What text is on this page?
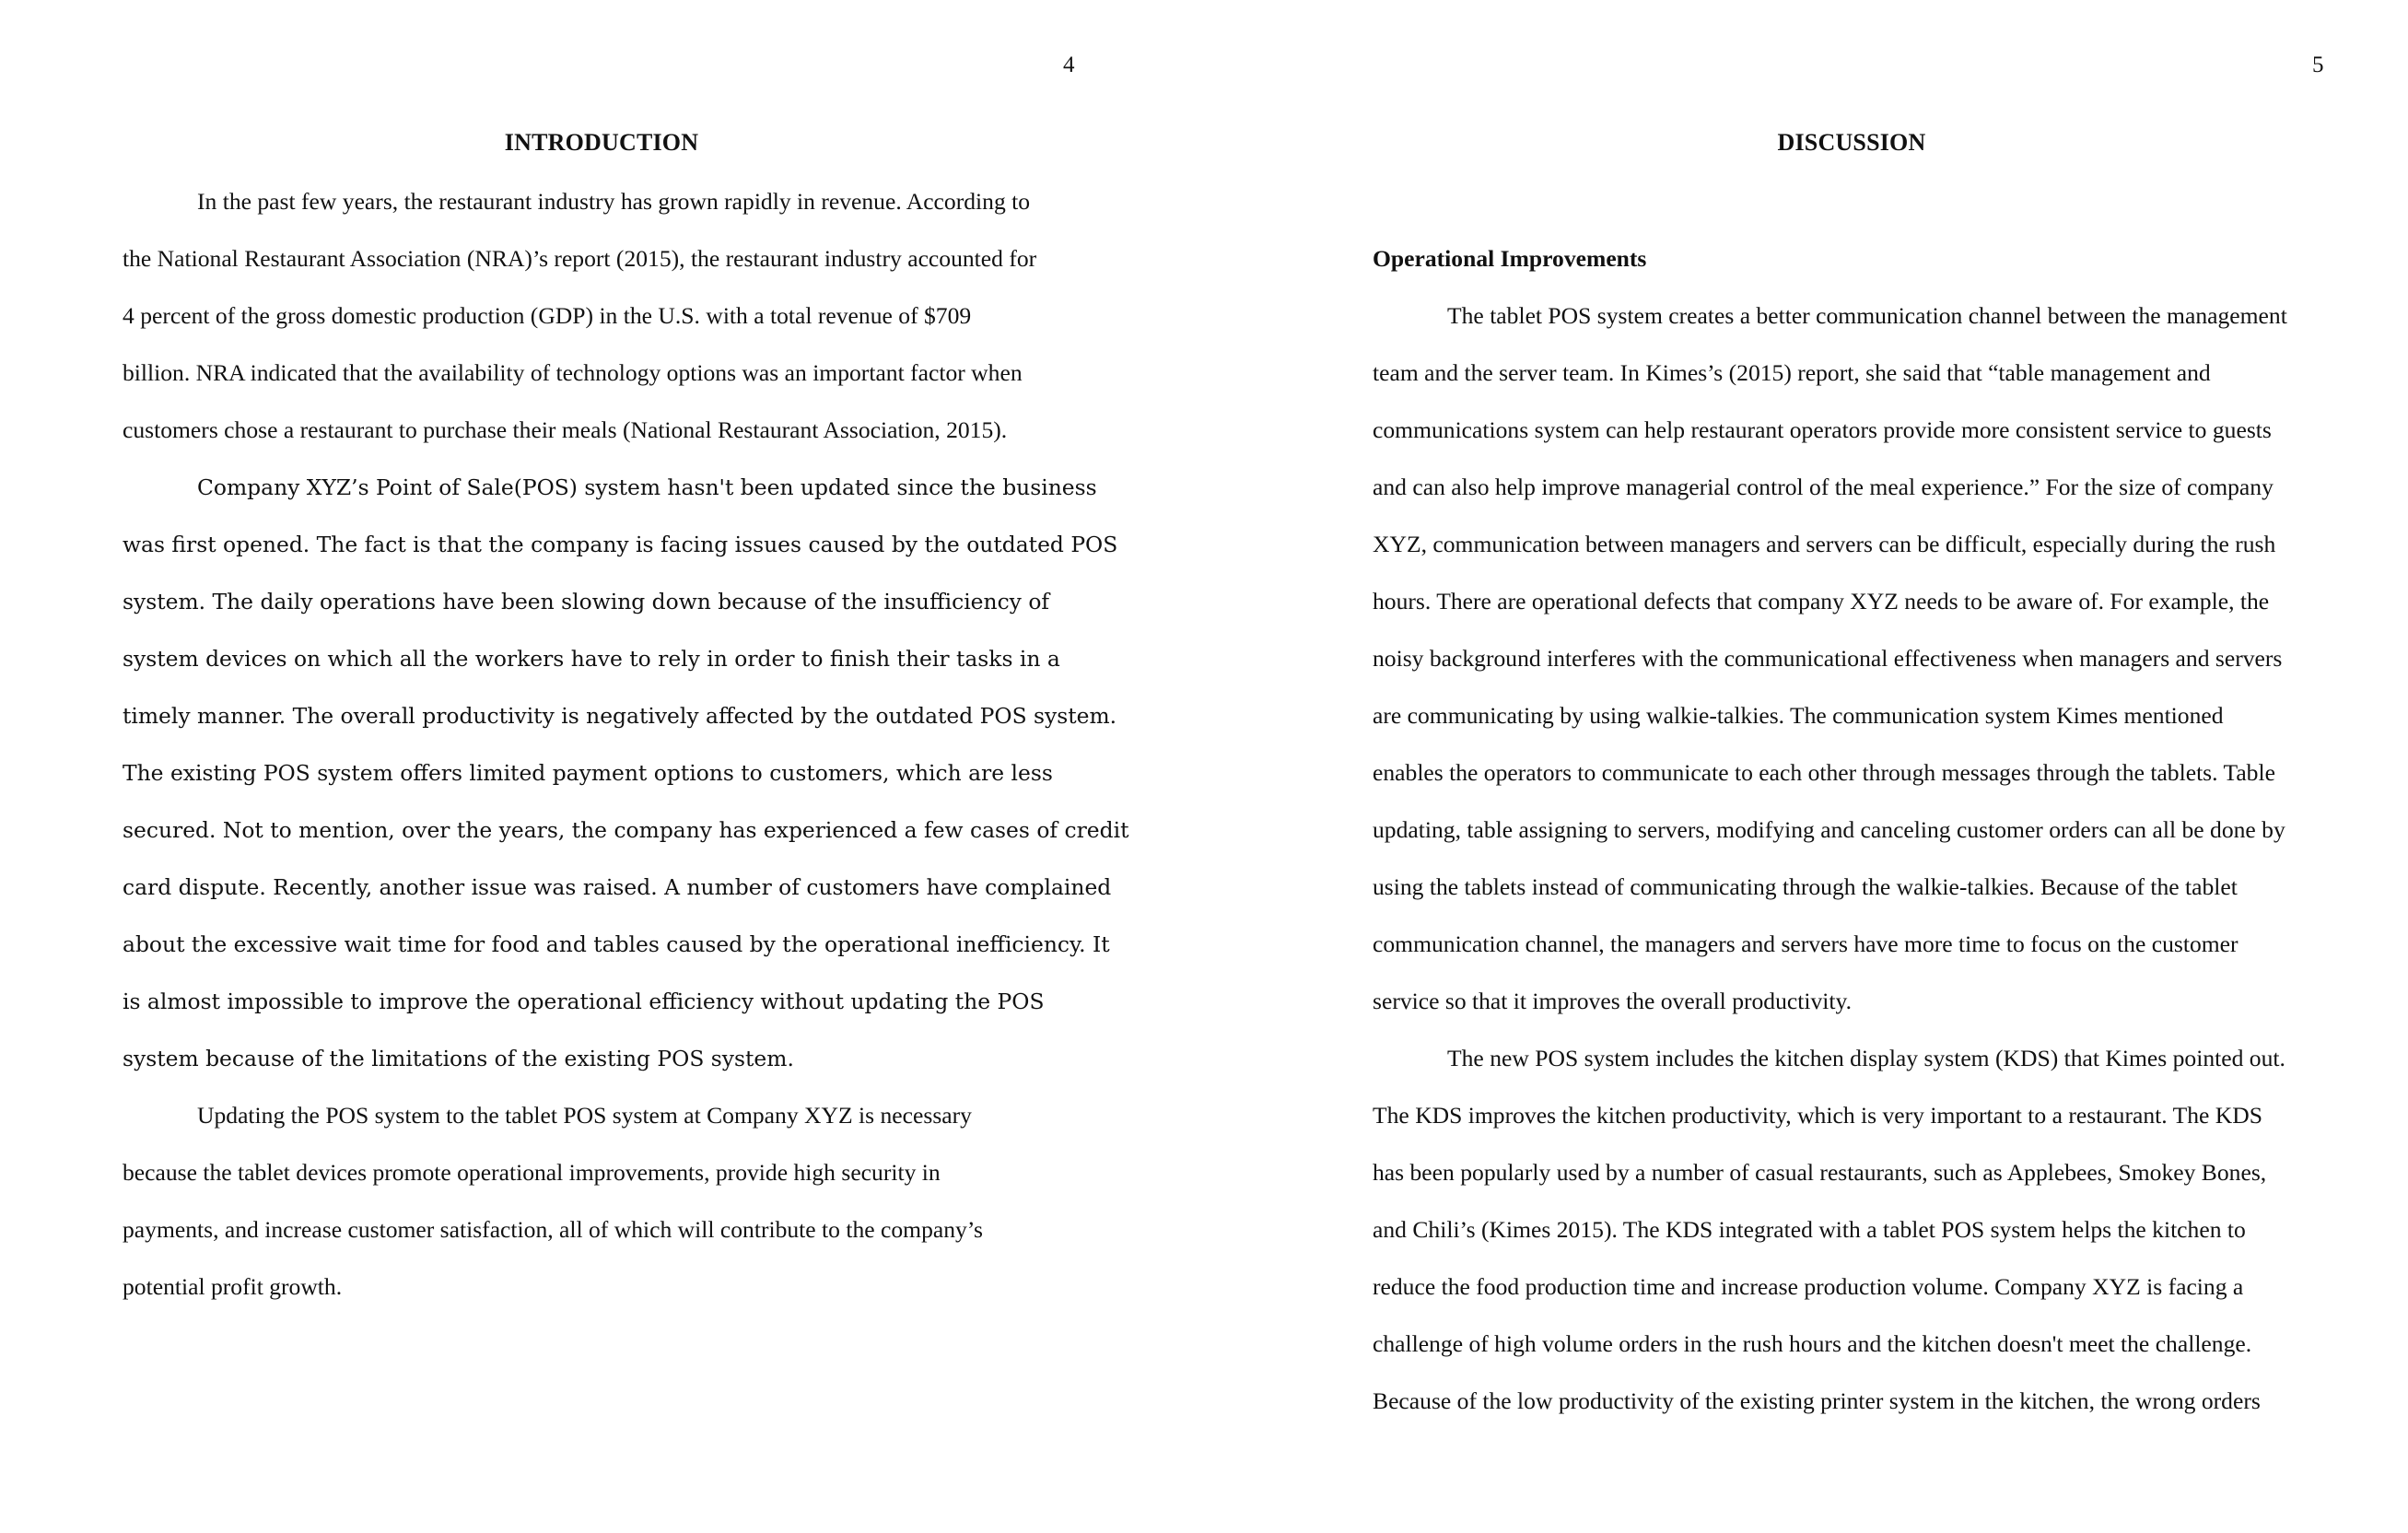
4
INTRODUCTION
In the past few years, the restaurant industry has grown rapidly in revenue. According to
the National Restaurant Association (NRA)’s report (2015), the restaurant industry accounted for
4 percent of the gross domestic production (GDP) in the U.S. with a total revenue of $709
billion. NRA indicated that the availability of technology options was an important factor when
customers chose a restaurant to purchase their meals (National Restaurant Association, 2015).
Company XYZ’s Point of Sale(POS) system hasn't been updated since the business
was first opened. The fact is that the company is facing issues caused by the outdated POS
system. The daily operations have been slowing down because of the insufficiency of
system devices on which all the workers have to rely in order to finish their tasks in a
timely manner. The overall productivity is negatively affected by the outdated POS system.
The existing POS system offers limited payment options to customers, which are less
secured. Not to mention, over the years, the company has experienced a few cases of credit
card dispute. Recently, another issue was raised. A number of customers have complained
about the excessive wait time for food and tables caused by the operational inefficiency. It
is almost impossible to improve the operational efficiency without updating the POS
system because of the limitations of the existing POS system.
Updating the POS system to the tablet POS system at Company XYZ is necessary
because the tablet devices promote operational improvements, provide high security in
payments, and increase customer satisfaction, all of which will contribute to the company’s
potential profit growth.
5
DISCUSSION
Operational Improvements
The tablet POS system creates a better communication channel between the management
team and the server team. In Kimes’s (2015) report, she said that “table management and
communications system can help restaurant operators provide more consistent service to guests
and can also help improve managerial control of the meal experience.” For the size of company
XYZ, communication between managers and servers can be difficult, especially during the rush
hours. There are operational defects that company XYZ needs to be aware of. For example, the
noisy background interferes with the communicational effectiveness when managers and servers
are communicating by using walkie-talkies. The communication system Kimes mentioned
enables the operators to communicate to each other through messages through the tablets. Table
updating, table assigning to servers, modifying and canceling customer orders can all be done by
using the tablets instead of communicating through the walkie-talkies. Because of the tablet
communication channel, the managers and servers have more time to focus on the customer
service so that it improves the overall productivity.
The new POS system includes the kitchen display system (KDS) that Kimes pointed out.
The KDS improves the kitchen productivity, which is very important to a restaurant. The KDS
has been popularly used by a number of casual restaurants, such as Applebees, Smokey Bones,
and Chili’s (Kimes 2015). The KDS integrated with a tablet POS system helps the kitchen to
reduce the food production time and increase production volume. Company XYZ is facing a
challenge of high volume orders in the rush hours and the kitchen doesn't meet the challenge.
Because of the low productivity of the existing printer system in the kitchen, the wrong orders
